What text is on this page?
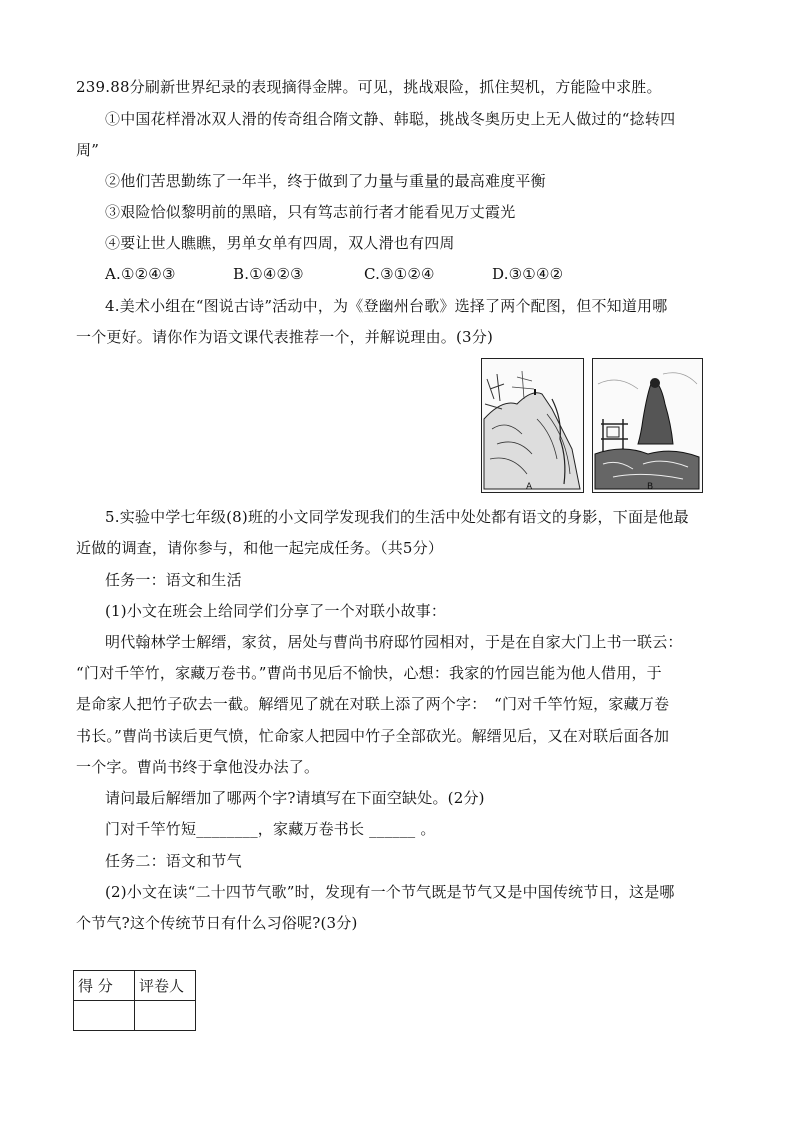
239.88分刷新世界纪录的表现摘得金牌。可见，挑战艰险，抓住契机，方能险中求胜。
①中国花样滑冰双人滑的传奇组合隋文静、韩聪，挑战冬奥历史上无人做过的“捻转四
周”
②他们苦思勤练了一年半，终于做到了力量与重量的最高难度平衡
③艰险恰似黎明前的黑暗，只有笃志前行者才能看见万丈霞光
④要让世人瞧瞧，男单女单有四周，双人滑也有四周
A.①②④③	B.①④②③	C.③①②④	D.③①④②
4.美术小组在“图说古诗”活动中，为《登幽州台歌》选择了两个配图，但不知道用哪
一个更好。请你作为语文课代表推荐一个，并解说理由。(3分)
A	B
5.实验中学七年级(8)班的小文同学发现我们的生活中处处都有语文的身影，下面是他最
近做的调查，请你参与，和他一起完成任务。（共5分）
任务一：语文和生活
(1)小文在班会上给同学们分享了一个对联小故事：
明代翰林学士解缙，家贫，居处与曹尚书府邸竹园相对，于是在自家大门上书一联云：
“门对千竿竹，家藏万卷书。”曹尚书见后不愉快，心想：我家的竹园岂能为他人借用，于
是命家人把竹子砍去一截。解缙见了就在对联上添了两个字：　“门对千竿竹短，家藏万卷
书长。”曹尚书读后更气愤，忙命家人把园中竹子全部砍光。解缙见后，又在对联后面各加
一个字。曹尚书终于拿他没办法了。
请问最后解缙加了哪两个字?请填写在下面空缺处。(2分)
门对千竿竹短________，家藏万卷书长 ______ 。
任务二：语文和节气
(2)小文在读“二十四节气歌”时，发现有一个节气既是节气又是中国传统节日，这是哪
个节气?这个传统节日有什么习俗呢?(3分)
得 分	评卷人
